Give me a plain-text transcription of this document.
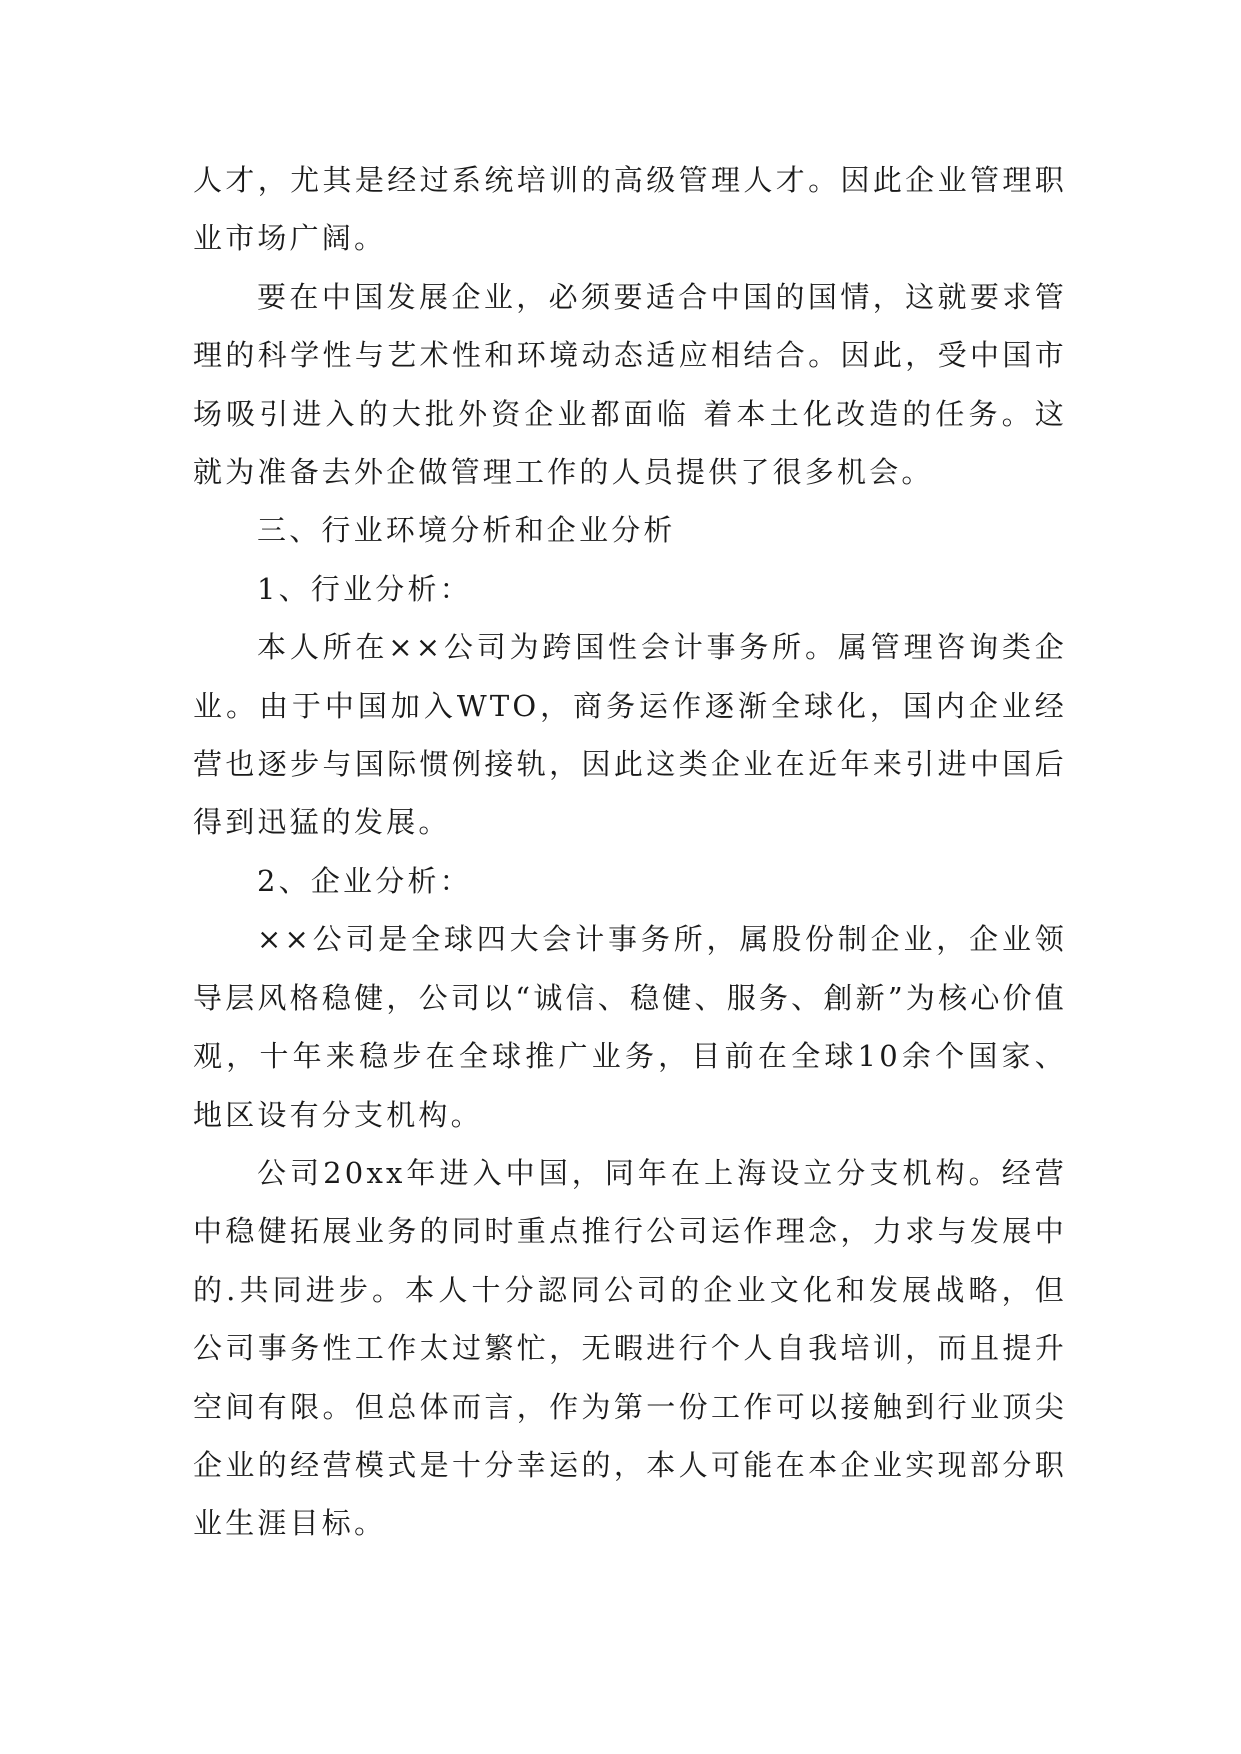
人才，尤其是经过系统培训的高级管理人才。因此企业管理职业市场广阔。

要在中国发展企业，必须要适合中国的国情，这就要求管理的科学性与艺术性和环境动态适应相结合。因此，受中国市场吸引进入的大批外资企业都面临 着本土化改造的任务。这就为准备去外企做管理工作的人员提供了很多机会。

三、行业环境分析和企业分析

1、行业分析：

本人所在××公司为跨国性会计事务所。属管理咨询类企业。由于中国加入WTO，商务运作逐渐全球化，国内企业经营也逐步与国际惯例接轨，因此这类企业在近年来引进中国后得到迅猛的发展。

2、企业分析：

××公司是全球四大会计事务所，属股份制企业，企业领导层风格稳健，公司以“诚信、稳健、服务、創新”为核心价值观，十年来稳步在全球推广业务，目前在全球10余个国家、地区设有分支机构。

公司20xx年进入中国，同年在上海设立分支机构。经营中稳健拓展业务的同时重点推行公司运作理念，力求与发展中的.共同进步。本人十分認同公司的企业文化和发展战略，但公司事务性工作太过繁忙，无暇进行个人自我培训，而且提升空间有限。但总体而言，作为第一份工作可以接触到行业顶尖企业的经营模式是十分幸运的，本人可能在本企业实现部分职业生涯目标。
